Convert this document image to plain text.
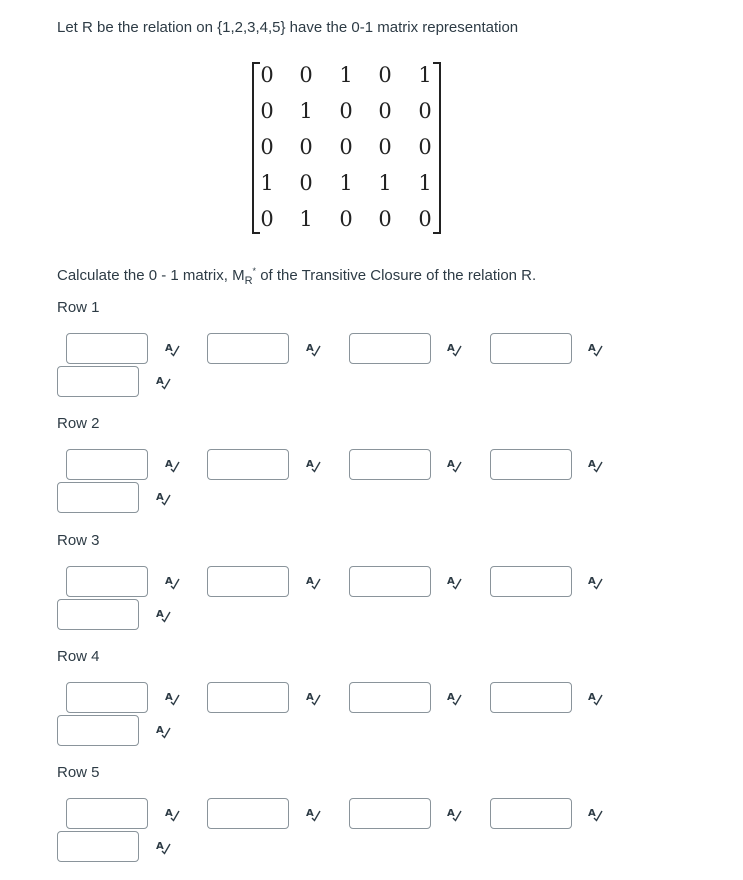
Let R be the relation on {1,2,3,4,5} have the 0-1 matrix representation
0	0	1	0	1
0	1	0	0	0
0	0	0	0	0
1	0	1	1	1
0	1	0	0	0
Calculate the 0 - 1 matrix, $M_R^*$ of the Transitive Closure of the relation R.
Row 1
A	A	A	A
A
Row 2
A	A	A	A
A
Row 3
A	A	A	A
A
Row 4
A	A	A	A
A
Row 5
A	A	A	A
A
